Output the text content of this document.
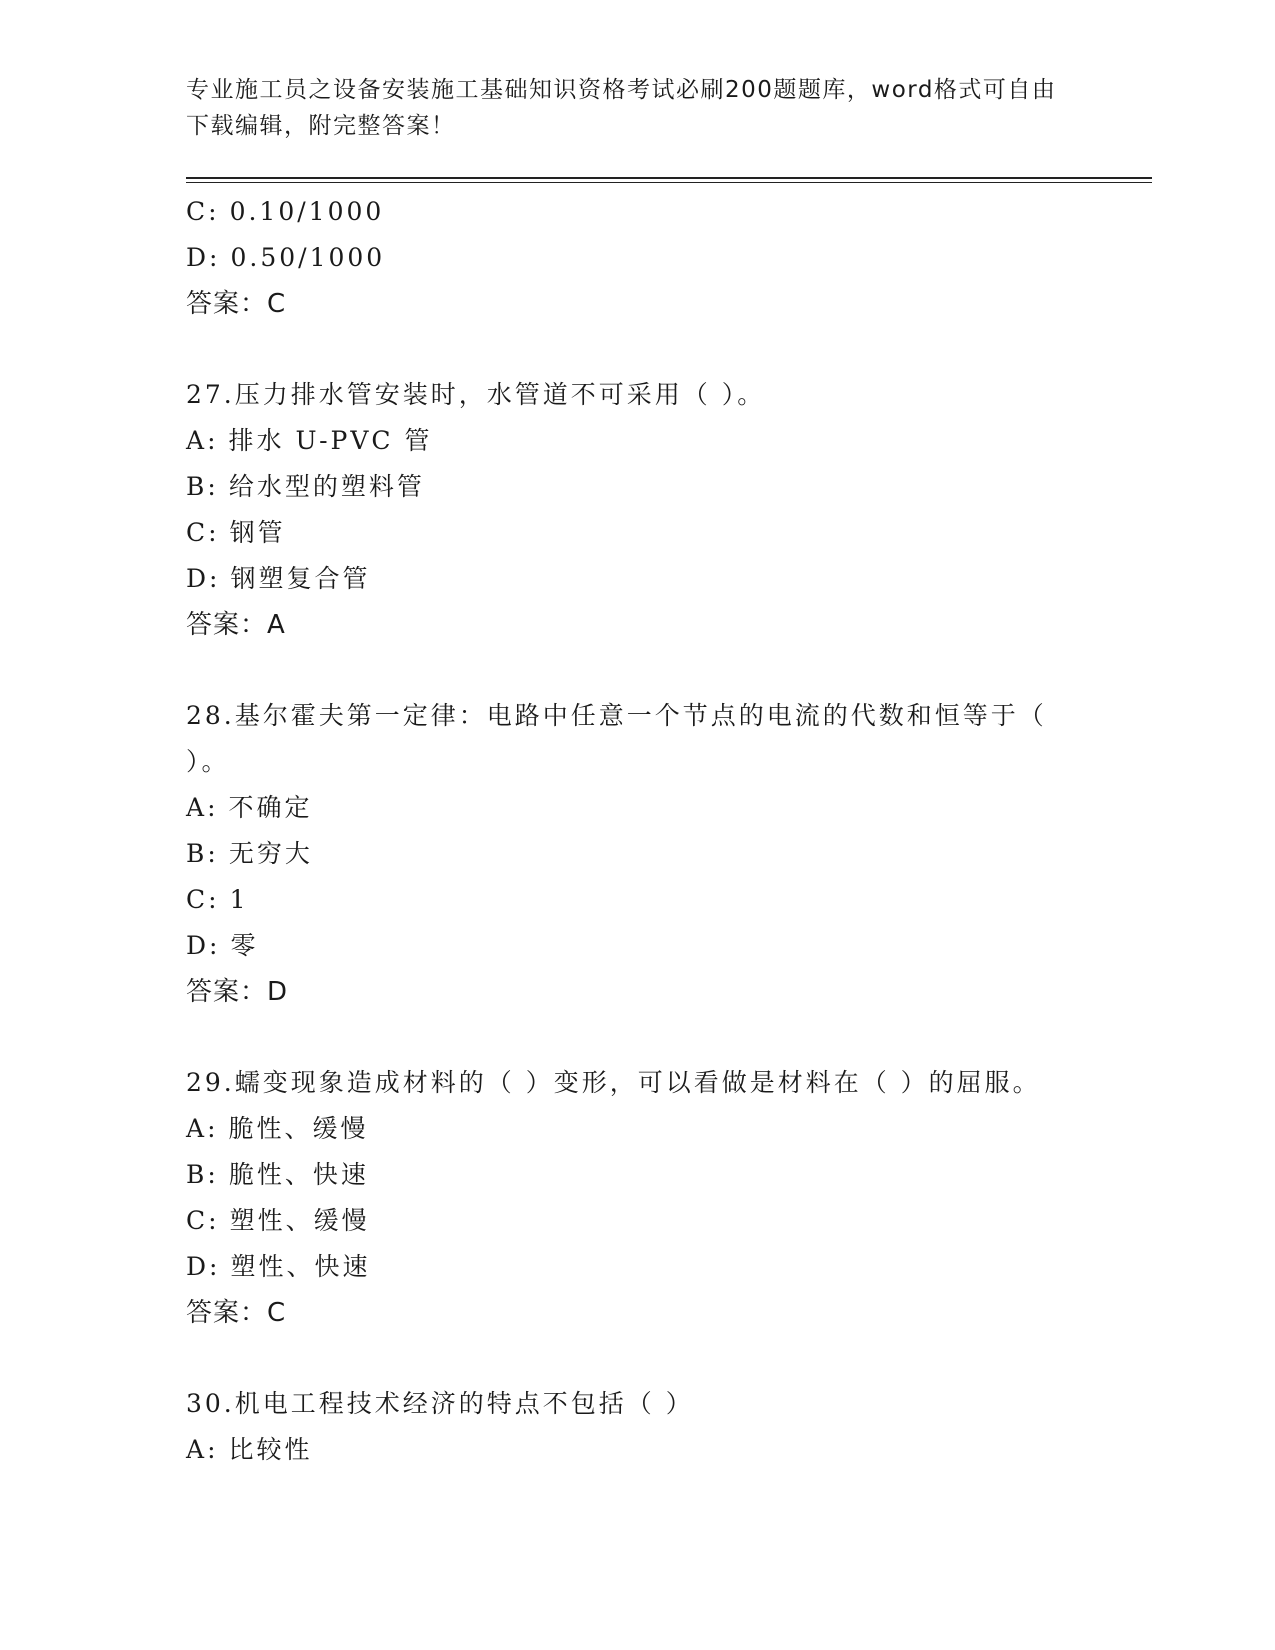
专业施工员之设备安装施工基础知识资格考试必刷200题题库，word格式可自由
下载编辑，附完整答案！
C: 0.10/1000
D: 0.50/1000
答案：C
27.压力排水管安装时，水管道不可采用（ ）。
A: 排水 U-PVC 管
B: 给水型的塑料管
C: 钢管
D: 钢塑复合管
答案：A
28.基尔霍夫第一定律：电路中任意一个节点的电流的代数和恒等于（
）。
A: 不确定
B: 无穷大
C: 1
D: 零
答案：D
29.蠕变现象造成材料的（ ）变形，可以看做是材料在（ ）的屈服。
A: 脆性、缓慢
B: 脆性、快速
C: 塑性、缓慢
D: 塑性、快速
答案：C
30.机电工程技术经济的特点不包括（ ）
A: 比较性
